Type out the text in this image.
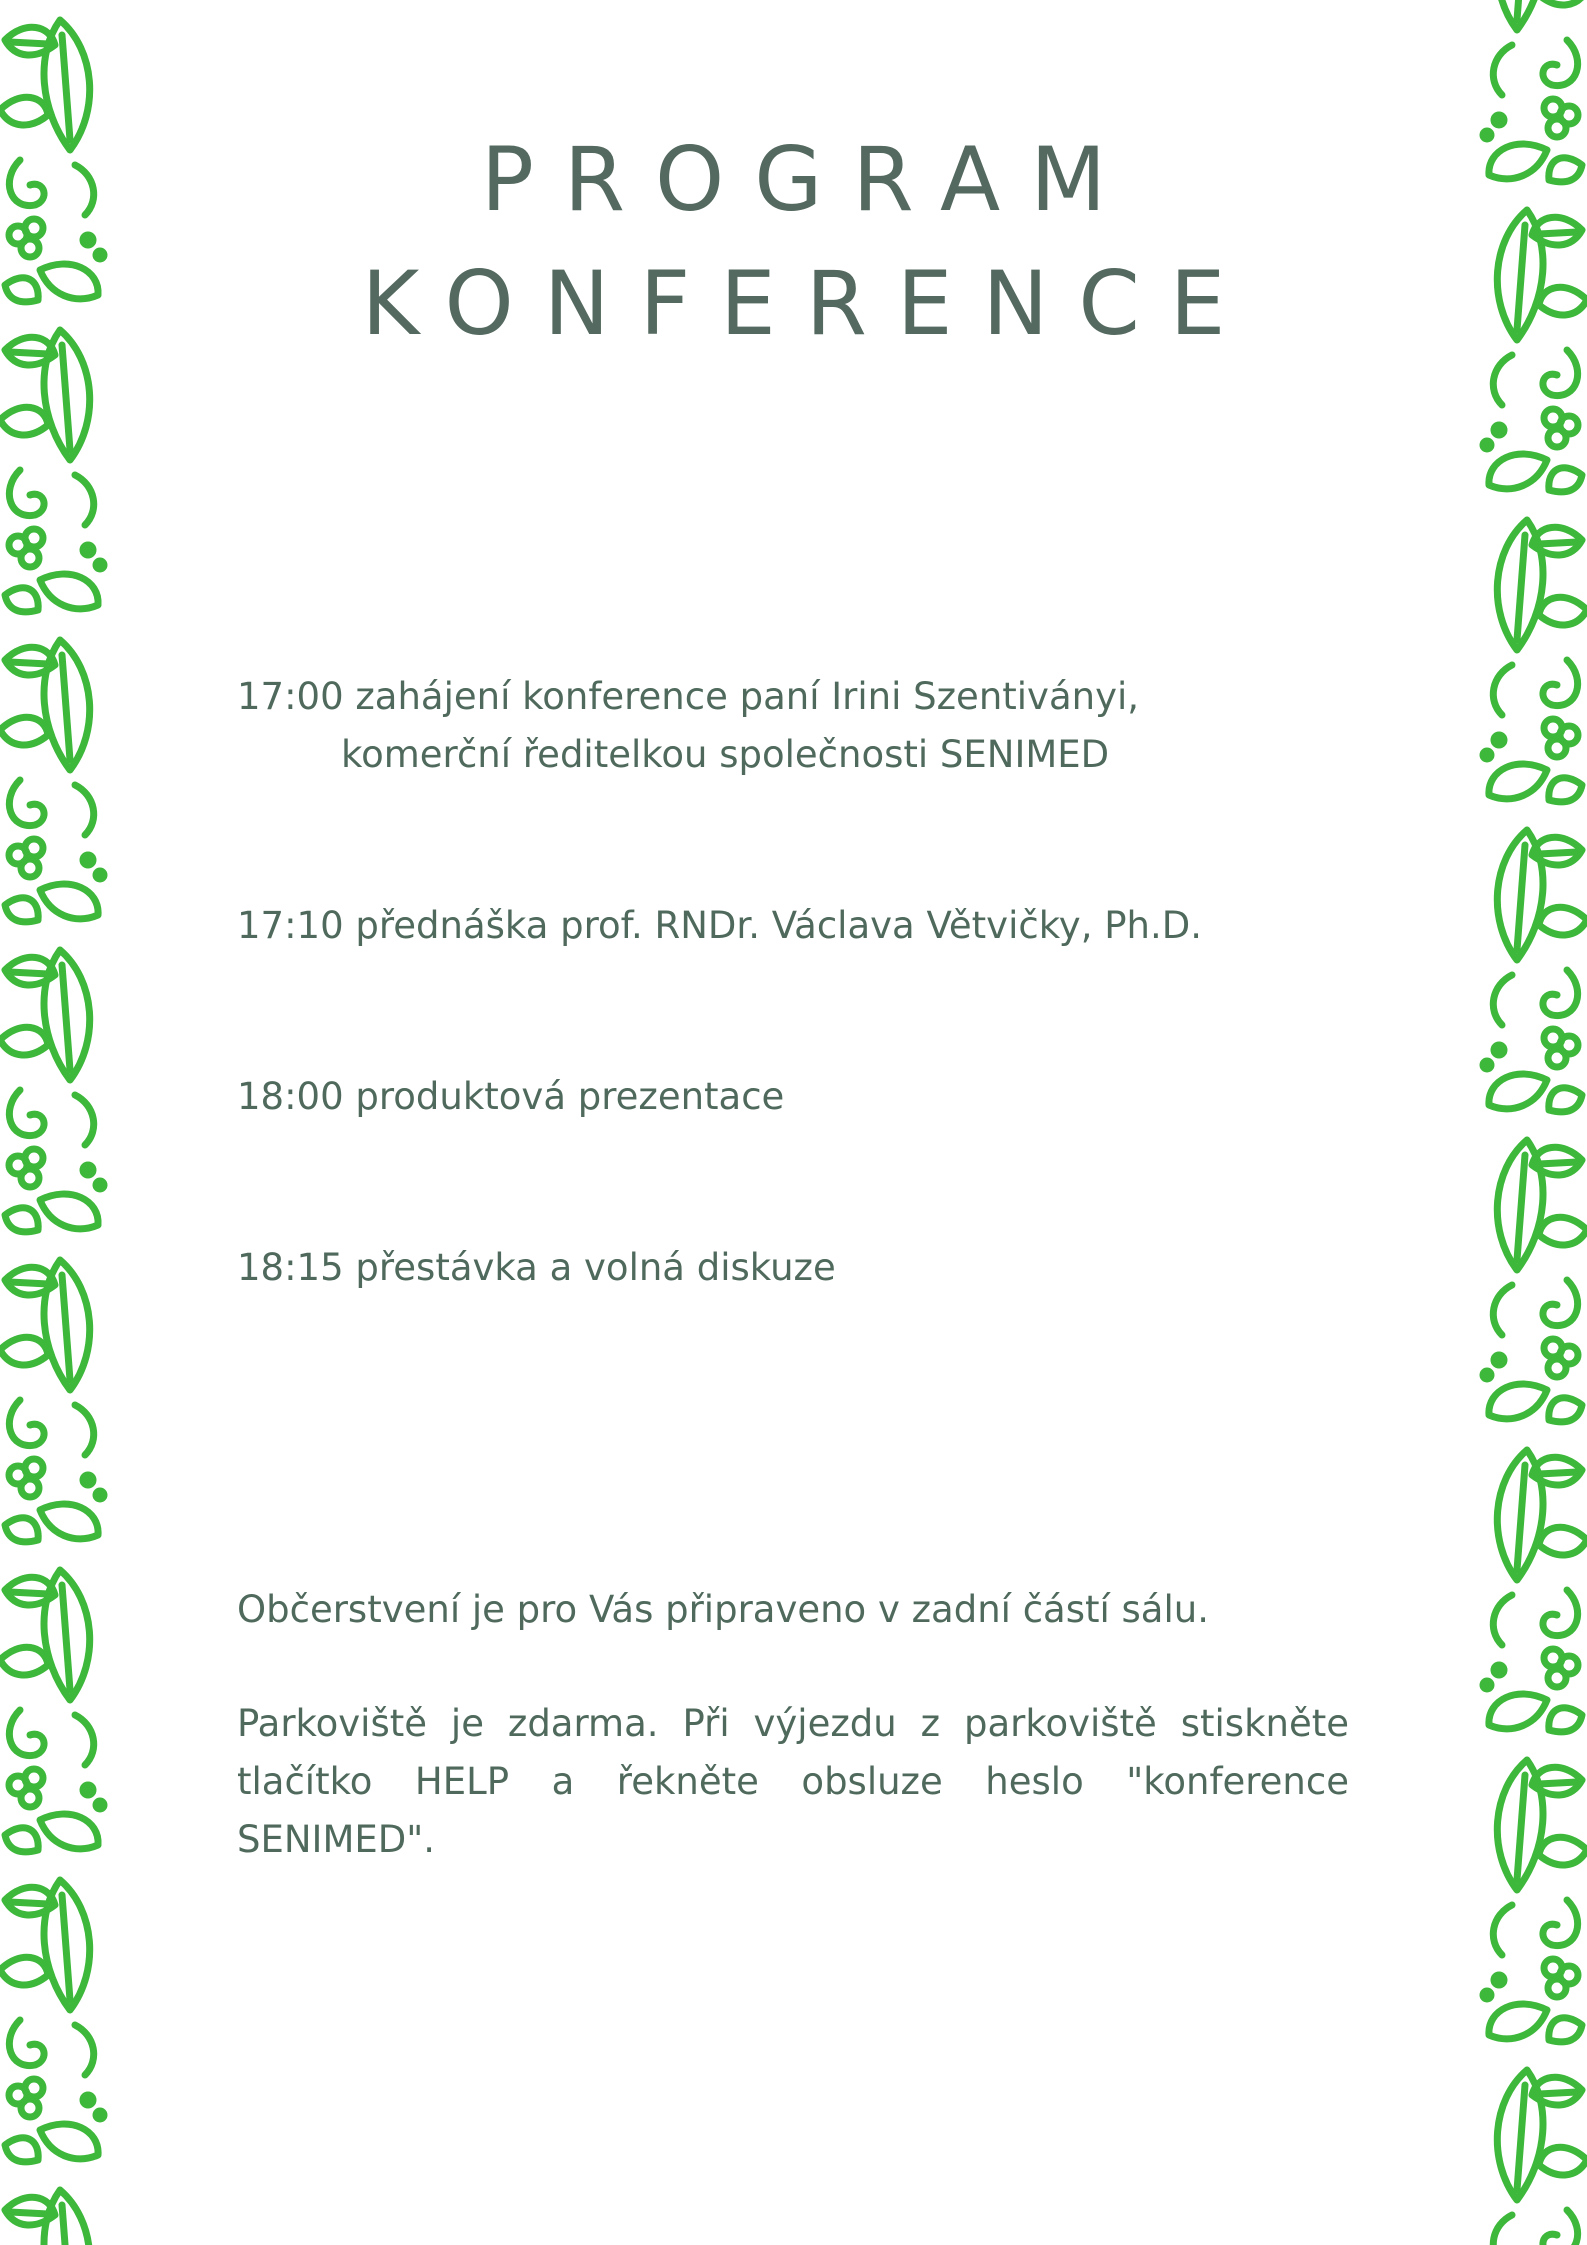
PROGRAM
KONFERENCE
17:00 zahájení konference paní Irini Szentiványi,
komerční ředitelkou společnosti SENIMED
17:10 přednáška prof. RNDr. Václava Větvičky, Ph.D.
18:00 produktová prezentace
18:15 přestávka a volná diskuze

Občerstvení je pro Vás připraveno v zadní částí sálu.

Parkoviště je zdarma. Při výjezdu z parkoviště stiskněte tlačítko HELP a řekněte obsluze heslo "konference SENIMED".
